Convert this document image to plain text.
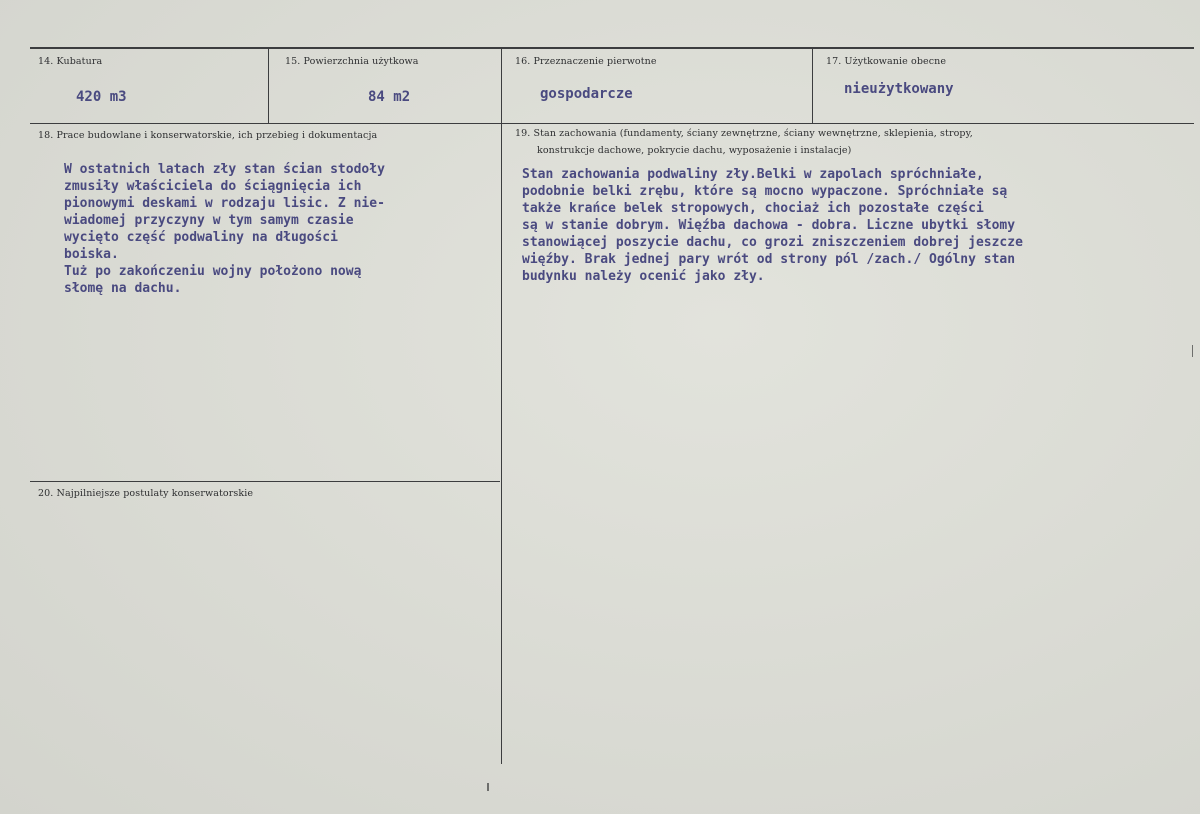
14. Kubatura
420 m3
15. Powierzchnia użytkowa
84 m2
16. Przeznaczenie pierwotne
gospodarcze
17. Użytkowanie obecne
nieużytkowany
18. Prace budowlane i konserwatorskie, ich przebieg i dokumentacja
W ostatnich latach zły stan ścian stodoły
zmusiły właściciela do ściągnięcia ich
pionowymi deskami w rodzaju lisic. Z nie-
wiadomej przyczyny w tym samym czasie
wycięto część podwaliny na długości
boiska.
Tuż po zakończeniu wojny położono nową
słomę na dachu.
19. Stan zachowania (fundamenty, ściany zewnętrzne, ściany wewnętrzne, sklepienia, stropy,
konstrukcje dachowe, pokrycie dachu, wyposażenie i instalacje)
Stan zachowania podwaliny zły.Belki w zapolach spróchniałe,
podobnie belki zrębu, które są mocno wypaczone. Spróchniałe są
także krańce belek stropowych, chociaż ich pozostałe części
są w stanie dobrym. Więźba dachowa - dobra. Liczne ubytki słomy
stanowiącej poszycie dachu, co grozi zniszczeniem dobrej jeszcze
więźby. Brak jednej pary wrót od strony pól /zach./ Ogólny stan
budynku należy ocenić jako zły.
20. Najpilniejsze postulaty konserwatorskie
